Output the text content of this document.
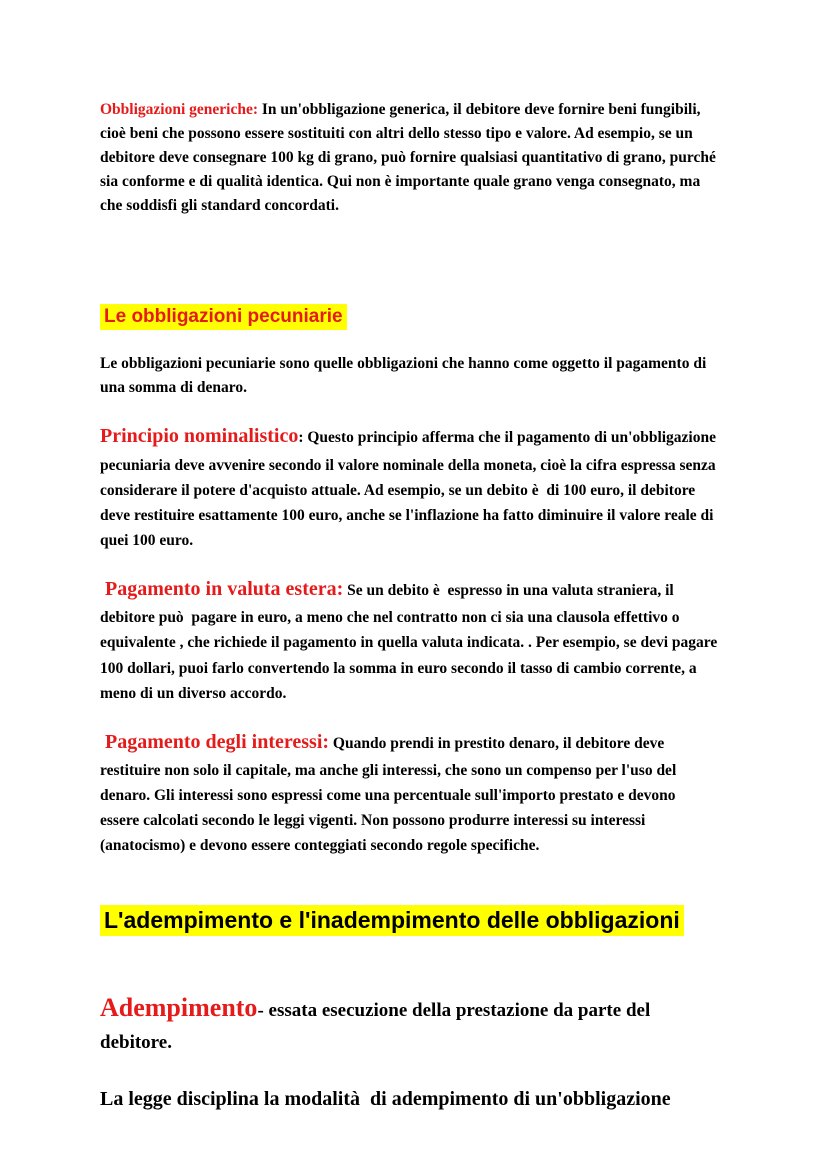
Obbligazioni generiche: In un'obbligazione generica, il debitore deve fornire beni fungibili, cioè beni che possono essere sostituiti con altri dello stesso tipo e valore. Ad esempio, se un debitore deve consegnare 100 kg di grano, può fornire qualsiasi quantitativo di grano, purché sia conforme e di qualità identica. Qui non è importante quale grano venga consegnato, ma che soddisfi gli standard concordati.

Le obbligazioni pecuniarie

Le obbligazioni pecuniarie sono quelle obbligazioni che hanno come oggetto il pagamento di una somma di denaro.

Principio nominalistico: Questo principio afferma che il pagamento di un'obbligazione pecuniaria deve avvenire secondo il valore nominale della moneta, cioè la cifra espressa senza considerare il potere d'acquisto attuale. Ad esempio, se un debito è  di 100 euro, il debitore deve restituire esattamente 100 euro, anche se l'inflazione ha fatto diminuire il valore reale di quei 100 euro.

Pagamento in valuta estera: Se un debito è  espresso in una valuta straniera, il debitore può  pagare in euro, a meno che nel contratto non ci sia una clausola effettivo o equivalente , che richiede il pagamento in quella valuta indicata. . Per esempio, se devi pagare 100 dollari, puoi farlo convertendo la somma in euro secondo il tasso di cambio corrente, a meno di un diverso accordo.

Pagamento degli interessi: Quando prendi in prestito denaro, il debitore deve restituire non solo il capitale, ma anche gli interessi, che sono un compenso per l'uso del denaro. Gli interessi sono espressi come una percentuale sull'importo prestato e devono essere calcolati secondo le leggi vigenti. Non possono produrre interessi su interessi (anatocismo) e devono essere conteggiati secondo regole specifiche.

L'adempimento e l'inadempimento delle obbligazioni

Adempimento- essata esecuzione della prestazione da parte del debitore.

La legge disciplina la modalità  di adempimento di un'obbligazione
